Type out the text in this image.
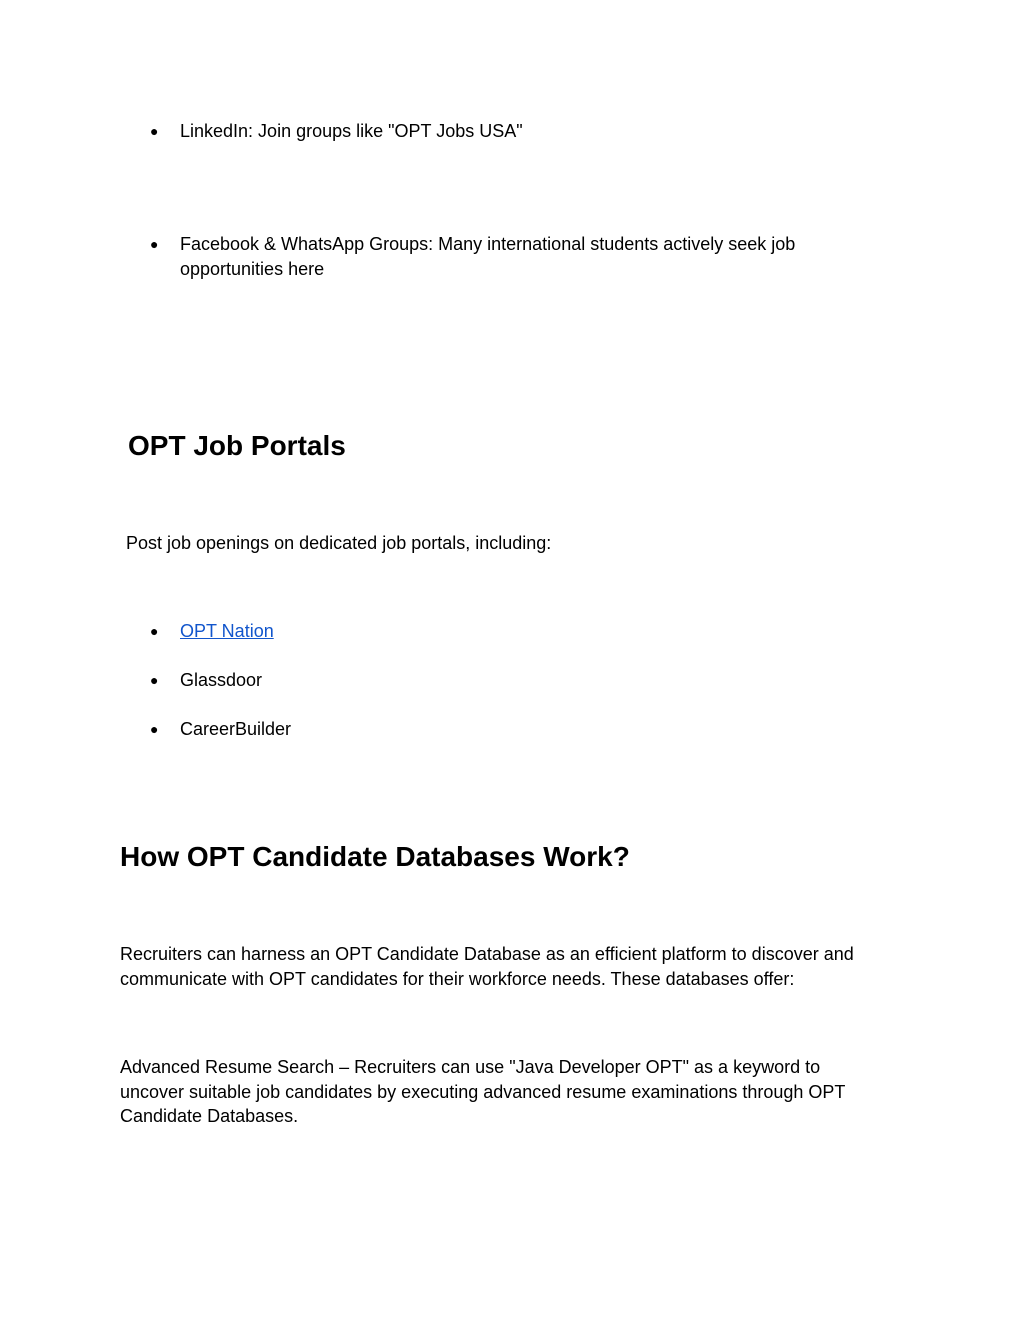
●	LinkedIn: Join groups like "OPT Jobs USA"
●	Facebook & WhatsApp Groups: Many international students actively seek job opportunities here
OPT Job Portals

Post job openings on dedicated job portals, including:

●	OPT Nation
●	Glassdoor
●	CareerBuilder
How OPT Candidate Databases Work?

Recruiters can harness an OPT Candidate Database as an efficient platform to discover and communicate with OPT candidates for their workforce needs. These databases offer:

Advanced Resume Search – Recruiters can use "Java Developer OPT" as a keyword to uncover suitable job candidates by executing advanced resume examinations through OPT Candidate Databases.
